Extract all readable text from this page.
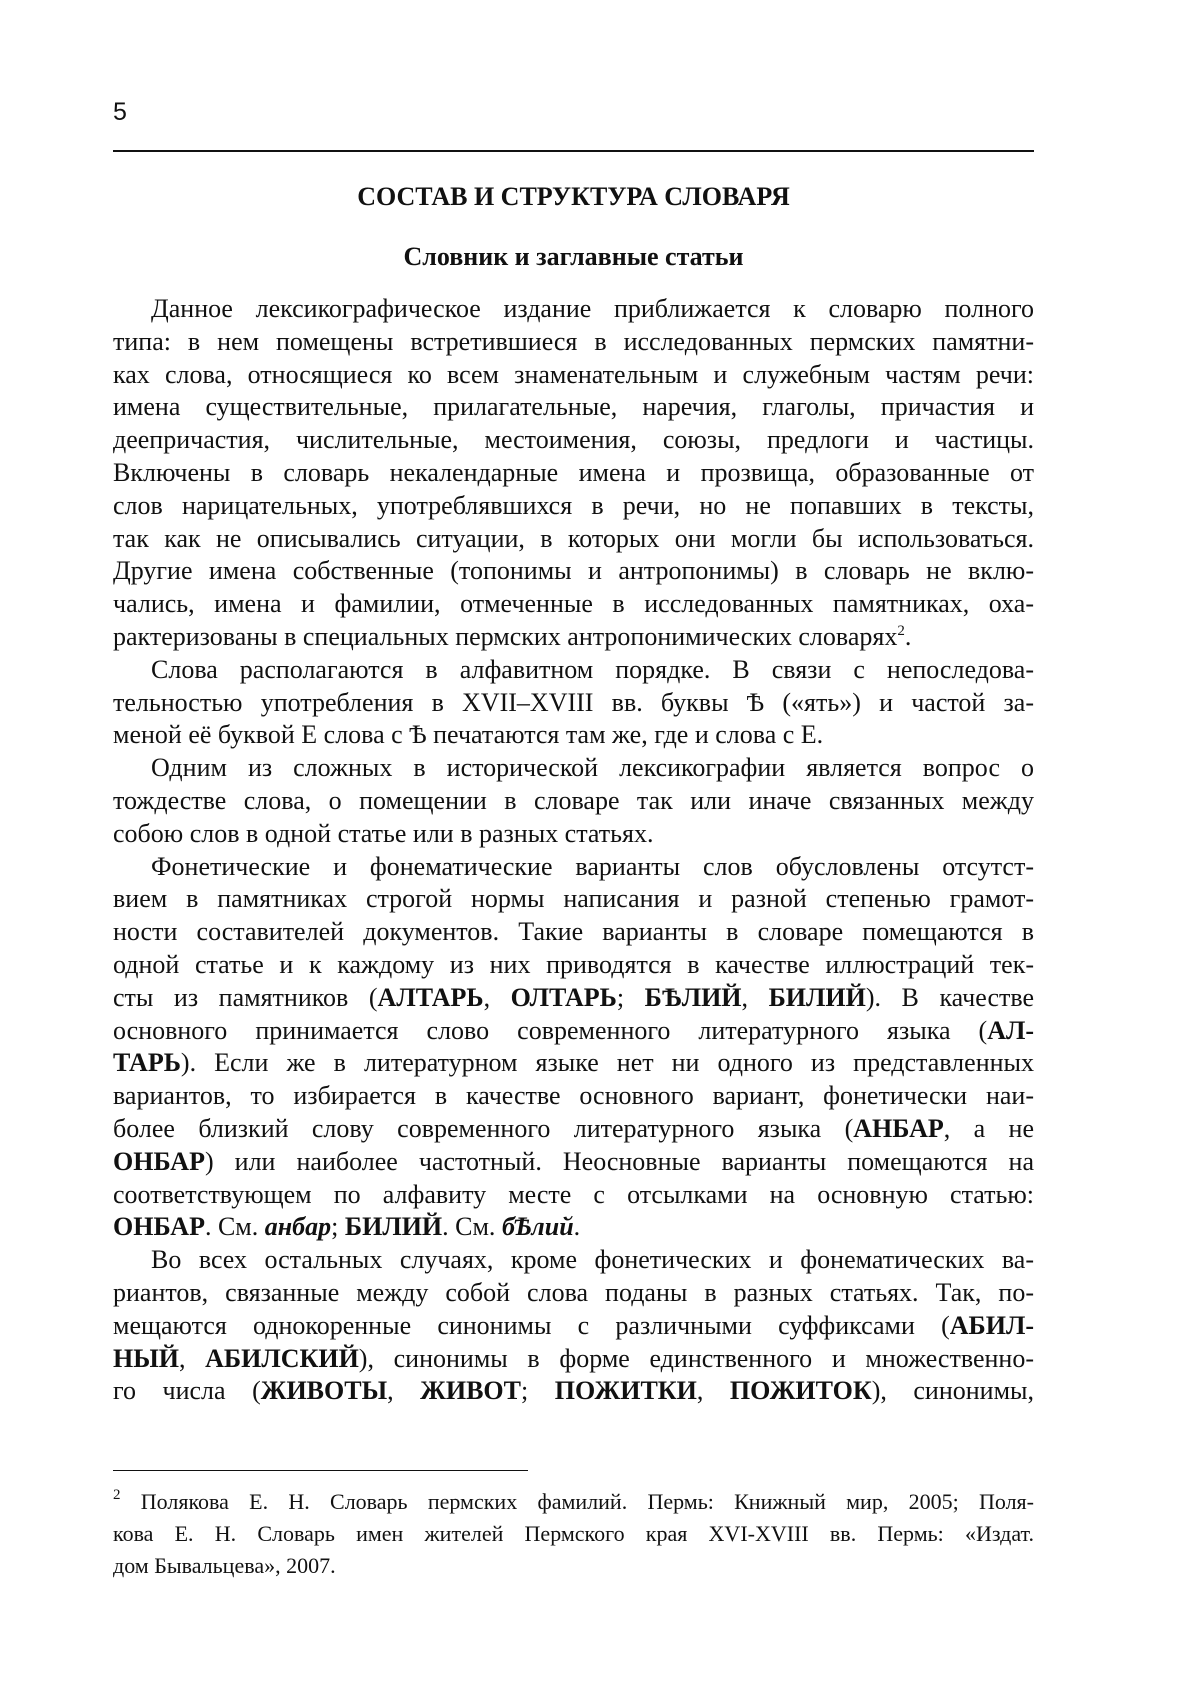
5
СОСТАВ И СТРУКТУРА СЛОВАРЯ
Словник и заглавные статьи

Данное лексикографическое издание приближается к словарю полного
типа: в нем помещены встретившиеся в исследованных пермских памятни-
ках слова, относящиеся ко всем знаменательным и служебным частям речи:
имена существительные, прилагательные, наречия, глаголы, причастия и
деепричастия, числительные, местоимения, союзы, предлоги и частицы.
Включены в словарь некалендарные имена и прозвища, образованные от
слов нарицательных, употреблявшихся в речи, но не попавших в тексты,
так как не описывались ситуации, в которых они могли бы использоваться.
Другие имена собственные (топонимы и антропонимы) в словарь не вклю-
чались, имена и фамилии, отмеченные в исследованных памятниках, оха-
рактеризованы в специальных пермских антропонимических словарях$^2$.

Слова располагаются в алфавитном порядке. В связи с непоследова-
тельностью употребления в XVII–XVIII вв. буквы Ѣ («ять») и частой за-
меной её буквой Е слова с Ѣ печатаются там же, где и слова с Е.

Одним из сложных в исторической лексикографии является вопрос о
тождестве слова, о помещении в словаре так или иначе связанных между
собою слов в одной статье или в разных статьях.

Фонетические и фонематические варианты слов обусловлены отсутст-
вием в памятниках строгой нормы написания и разной степенью грамот-
ности составителей документов. Такие варианты в словаре помещаются в
одной статье и к каждому из них приводятся в качестве иллюстраций тек-
сты из памятников (АЛТАРЬ, ОЛТАРЬ; БѢЛИЙ, БИЛИЙ). В качестве
основного принимается слово современного литературного языка (АЛ-
ТАРЬ). Если же в литературном языке нет ни одного из представленных
вариантов, то избирается в качестве основного вариант, фонетически наи-
более близкий слову современного литературного языка (АНБАР, а не
ОНБАР) или наиболее частотный. Неосновные варианты помещаются на
соответствующем по алфавиту месте с отсылками на основную статью:
ОНБАР. См. анбар; БИЛИЙ. См. бѢлий.

Во всех остальных случаях, кроме фонетических и фонематических ва-
риантов, связанные между собой слова поданы в разных статьях. Так, по-
мещаются однокоренные синонимы с различными суффиксами (АБИЛ-
НЫЙ, АБИЛСКИЙ), синонимы в форме единственного и множественно-
го числа (ЖИВОТЫ, ЖИВОТ; ПОЖИТКИ, ПОЖИТОК), синонимы,

$^2$ Полякова Е. Н. Словарь пермских фамилий. Пермь: Книжный мир, 2005; Поля-
кова Е. Н. Словарь имен жителей Пермского края XVI-XVIII вв. Пермь: «Издат.
дом Бывальцева», 2007.
